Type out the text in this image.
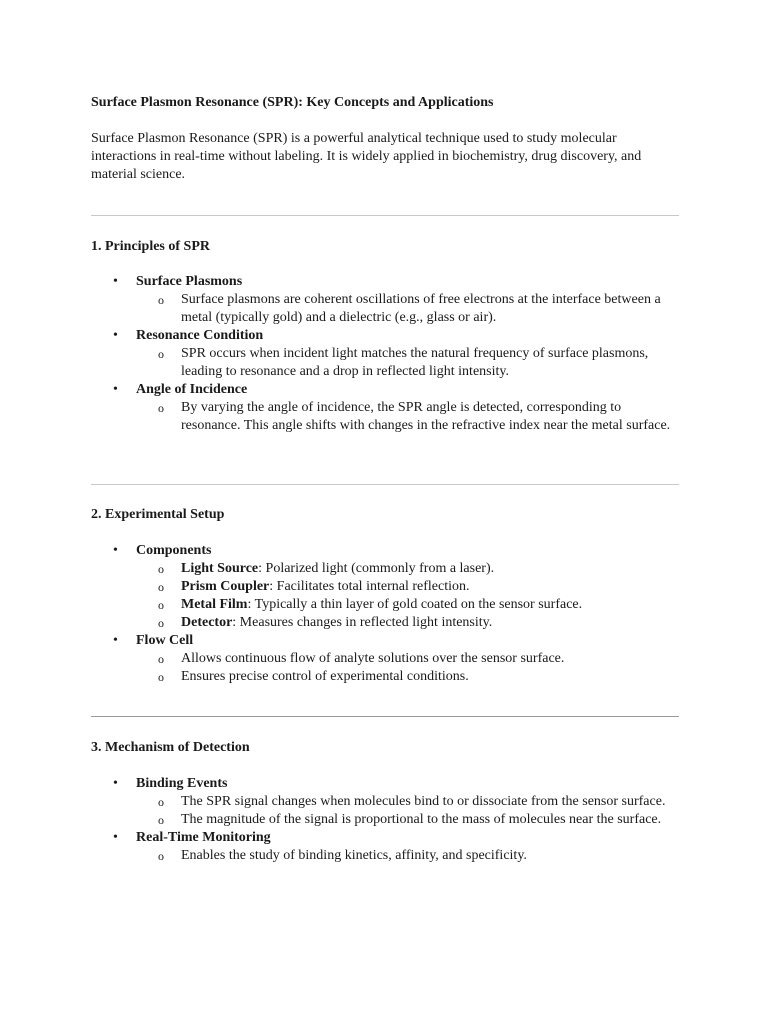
Surface Plasmon Resonance (SPR): Key Concepts and Applications

Surface Plasmon Resonance (SPR) is a powerful analytical technique used to study molecular interactions in real-time without labeling. It is widely applied in biochemistry, drug discovery, and material science.

1. Principles of SPR

• Surface Plasmons
o Surface plasmons are coherent oscillations of free electrons at the interface between a metal (typically gold) and a dielectric (e.g., glass or air).
• Resonance Condition
o SPR occurs when incident light matches the natural frequency of surface plasmons, leading to resonance and a drop in reflected light intensity.
• Angle of Incidence
o By varying the angle of incidence, the SPR angle is detected, corresponding to resonance. This angle shifts with changes in the refractive index near the metal surface.

2. Experimental Setup

• Components
o Light Source: Polarized light (commonly from a laser).
o Prism Coupler: Facilitates total internal reflection.
o Metal Film: Typically a thin layer of gold coated on the sensor surface.
o Detector: Measures changes in reflected light intensity.
• Flow Cell
o Allows continuous flow of analyte solutions over the sensor surface.
o Ensures precise control of experimental conditions.

3. Mechanism of Detection

• Binding Events
o The SPR signal changes when molecules bind to or dissociate from the sensor surface.
o The magnitude of the signal is proportional to the mass of molecules near the surface.
• Real-Time Monitoring
o Enables the study of binding kinetics, affinity, and specificity.
